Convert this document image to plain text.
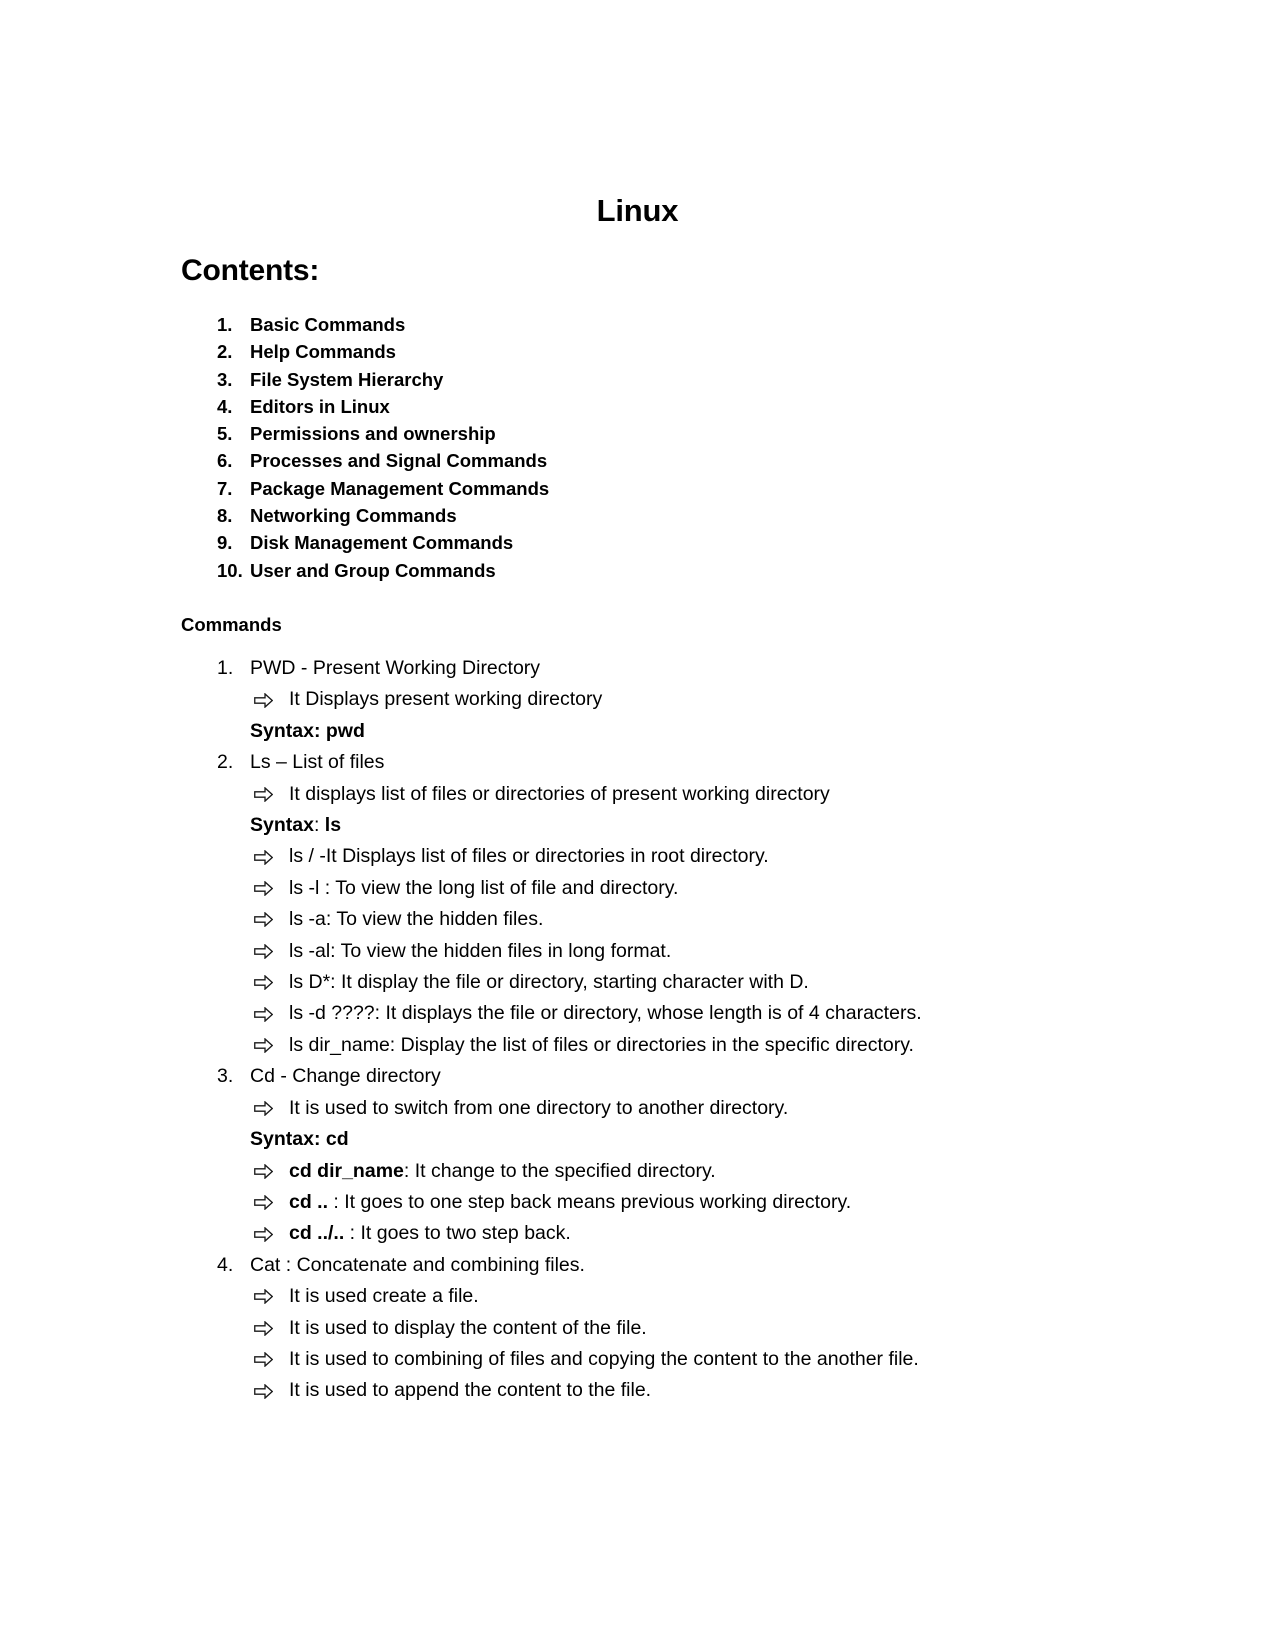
Linux
Contents:
1. Basic Commands
2. Help Commands
3. File System Hierarchy
4. Editors in Linux
5. Permissions and ownership
6. Processes and Signal Commands
7. Package Management Commands
8. Networking Commands
9. Disk Management Commands
10. User and Group Commands
Commands
1. PWD - Present Working Directory
It Displays present working directory
Syntax: pwd
2. Ls – List of files
It displays list of files or directories of present working directory
Syntax: ls
ls / -It Displays list of files or directories in root directory.
ls -l : To view the long list of file and directory.
ls -a: To view the hidden files.
ls -al: To view the hidden files in long format.
ls D*: It display the file or directory, starting character with D.
ls -d ????: It displays the file or directory, whose length is of 4 characters.
ls dir_name: Display the list of files or directories in the specific directory.
3. Cd - Change directory
It is used to switch from one directory to another directory.
Syntax: cd
cd dir_name: It change to the specified directory.
cd .. : It goes to one step back means previous working directory.
cd ../.. : It goes to two step back.
4. Cat : Concatenate and combining files.
It is used create a file.
It is used to display the content of the file.
It is used to combining of files and copying the content to the another file.
It is used to append the content to the file.
